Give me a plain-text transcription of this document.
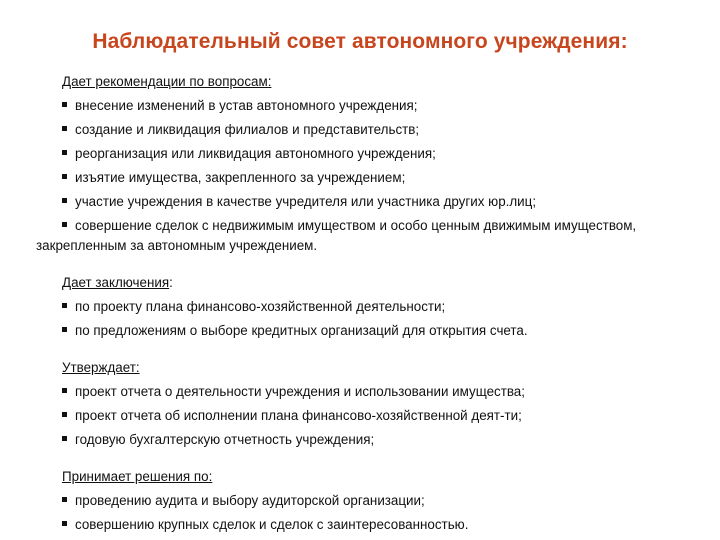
Наблюдательный совет автономного учреждения:
Дает рекомендации по вопросам:
внесение изменений в устав автономного учреждения;
создание и ликвидация филиалов и представительств;
реорганизация или ликвидация автономного учреждения;
изъятие имущества, закрепленного за учреждением;
участие учреждения в качестве учредителя или участника других юр.лиц;
совершение сделок с недвижимым имуществом и особо ценным движимым имуществом, закрепленным за автономным учреждением.
Дает заключения:
по проекту плана финансово-хозяйственной деятельности;
по предложениям о выборе кредитных организаций для открытия счета.
Утверждает:
проект отчета о деятельности учреждения и использовании имущества;
проект отчета об исполнении плана финансово-хозяйственной деят-ти;
годовую бухгалтерскую отчетность учреждения;
Принимает решения по:
проведению аудита и выбору аудиторской организации;
совершению крупных сделок и сделок с заинтересованностью.
